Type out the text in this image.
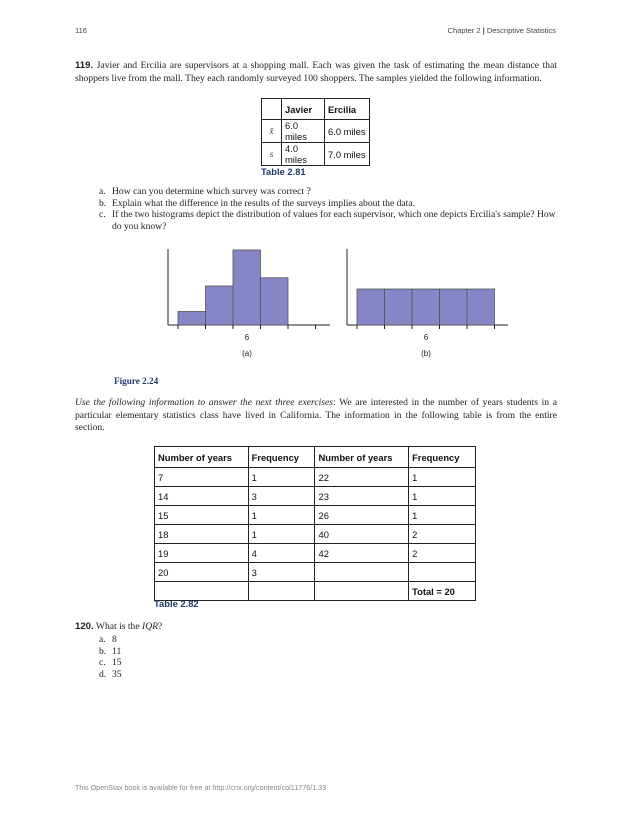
116	Chapter 2 | Descriptive Statistics
119. Javier and Ercilia are supervisors at a shopping mall. Each was given the task of estimating the mean distance that shoppers live from the mall. They each randomly surveyed 100 shoppers. The samples yielded the following information.
	Javier	Ercilia
x̄	6.0 miles	6.0 miles
s	4.0 miles	7.0 miles
Table 2.81
a. How can you determine which survey was correct ?
b. Explain what the difference in the results of the surveys implies about the data.
c. If the two histograms depict the distribution of values for each supervisor, which one depicts Ercilia's sample? How do you know?
6
(a)
6
(b)
Figure 2.24
Use the following information to answer the next three exercises: We are interested in the number of years students in a particular elementary statistics class have lived in California. The information in the following table is from the entire section.
Number of years	Frequency	Number of years	Frequency
7	1	22	1
14	3	23	1
15	1	26	1
18	1	40	2
19	4	42	2
20	3		
			Total = 20
Table 2.82
120. What is the IQR?
a. 8
b. 11
c. 15
d. 35
This OpenStax book is available for free at http://cnx.org/content/col11776/1.33
